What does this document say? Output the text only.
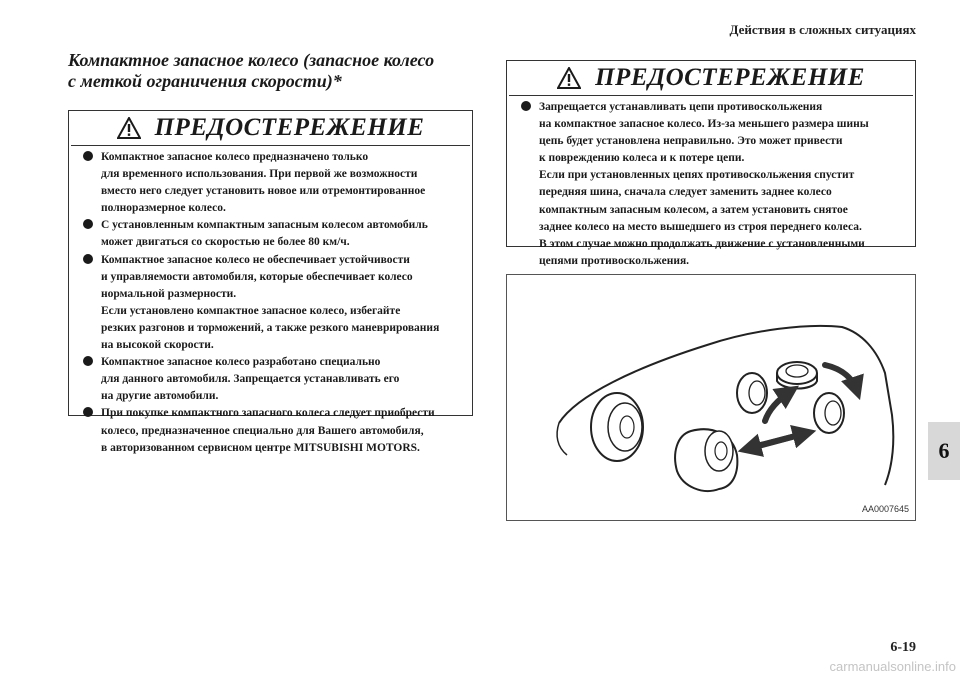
Действия в сложных ситуациях
Компактное запасное колесо (запасное колесо
с меткой ограничения скорости)*
ПРЕДОСТЕРЕЖЕНИЕ
Компактное запасное колесо предназначено только
для временного использования. При первой же возможности
вместо него следует установить новое или отремонтированное
полноразмерное колесо.
С установленным компактным запасным колесом автомобиль
может двигаться со скоростью не более 80 км/ч.
Компактное запасное колесо не обеспечивает устойчивости
и управляемости автомобиля, которые обеспечивает колесо
нормальной размерности.
Если установлено компактное запасное колесо, избегайте
резких разгонов и торможений, а также резкого маневрирования
на высокой скорости.
Компактное запасное колесо разработано специально
для данного автомобиля. Запрещается устанавливать его
на другие автомобили.
При покупке компактного запасного колеса следует приобрести
колесо, предназначенное специально для Вашего автомобиля,
в авторизованном сервисном центре MITSUBISHI MOTORS.
ПРЕДОСТЕРЕЖЕНИЕ
Запрещается устанавливать цепи противоскольжения
на компактное запасное колесо. Из-за меньшего размера шины
цепь будет установлена неправильно. Это может привести
к повреждению колеса и к потере цепи.
Если при установленных цепях противоскольжения спустит
передняя шина, сначала следует заменить заднее колесо
компактным запасным колесом, а затем установить снятое
заднее колесо на место вышедшего из строя переднего колеса.
В этом случае можно продолжать движение с установленными
цепями противоскольжения.
AA0007645
6
6-19
carmanualsonline.info
